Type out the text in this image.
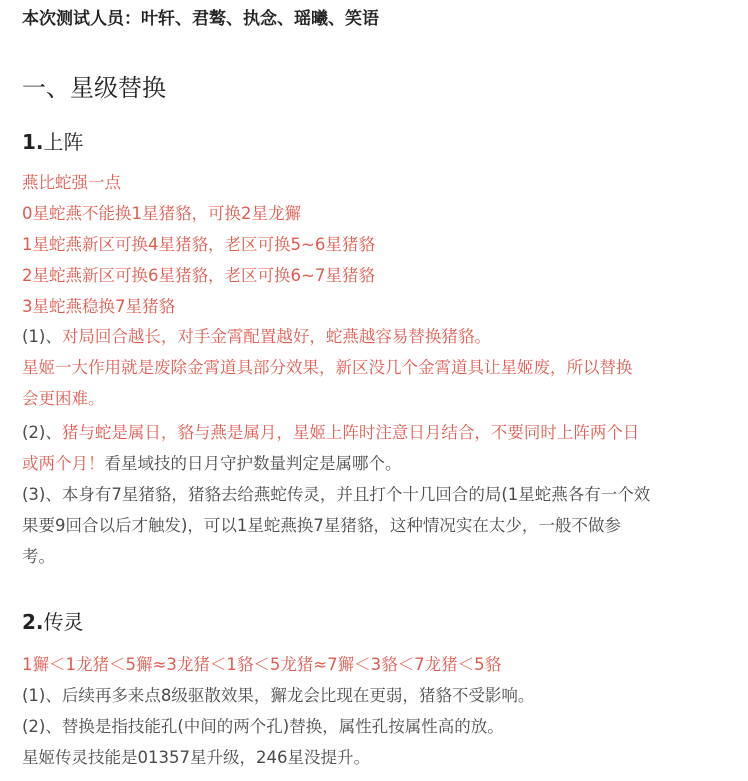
本次测试人员：叶轩、君骜、执念、瑶曦、笑语
一、星级替换
1.上阵
燕比蛇强一点
0星蛇燕不能换1星猪貉，可换2星龙獬
1星蛇燕新区可换4星猪貉，老区可换5~6星猪貉
2星蛇燕新区可换6星猪貉，老区可换6~7星猪貉
3星蛇燕稳换7星猪貉
(1)、对局回合越长，对手金霄配置越好，蛇燕越容易替换猪貉。
星姬一大作用就是废除金霄道具部分效果，新区没几个金霄道具让星姬废，所以替换
会更困难。
(2)、猪与蛇是属日，貉与燕是属月，星姬上阵时注意日月结合，不要同时上阵两个日
或两个月！看星域技的日月守护数量判定是属哪个。
(3)、本身有7星猪貉，猪貉去给燕蛇传灵，并且打个十几回合的局(1星蛇燕各有一个效
果要9回合以后才触发)，可以1星蛇燕换7星猪貉，这种情况实在太少，一般不做参
考。
2.传灵
1獬＜1龙猪＜5獬≈3龙猪＜1貉＜5龙猪≈7獬＜3貉＜7龙猪＜5貉
(1)、后续再多来点8级驱散效果，獬龙会比现在更弱，猪貉不受影响。
(2)、替换是指技能孔(中间的两个孔)替换，属性孔按属性高的放。
星姬传灵技能是01357星升级，246星没提升。
